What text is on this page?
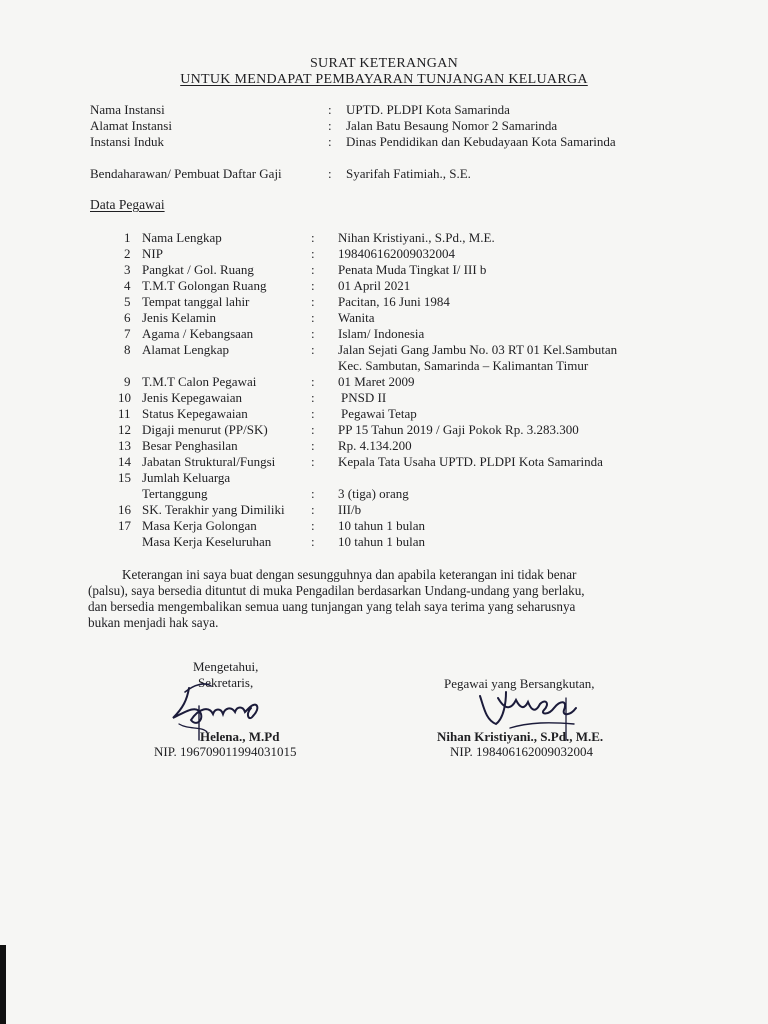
SURAT KETERANGAN
UNTUK MENDAPAT PEMBAYARAN TUNJANGAN KELUARGA
Nama Instansi	: UPTD. PLDPI Kota Samarinda
Alamat Instansi	: Jalan Batu Besaung Nomor 2 Samarinda
Instansi Induk	: Dinas Pendidikan dan Kebudayaan Kota Samarinda
Bendaharawan/ Pembuat Daftar Gaji	: Syarifah Fatimiah., S.E.
Data Pegawai
1 Nama Lengkap	: Nihan Kristiyani., S.Pd., M.E.
2 NIP	: 198406162009032004
3 Pangkat / Gol. Ruang	: Penata Muda Tingkat I/ III b
4 T.M.T Golongan Ruang	: 01 April 2021
5 Tempat tanggal lahir	: Pacitan, 16 Juni 1984
6 Jenis Kelamin	: Wanita
7 Agama / Kebangsaan	: Islam/ Indonesia
8 Alamat Lengkap	: Jalan Sejati Gang Jambu No. 03 RT 01 Kel.Sambutan
Kec. Sambutan, Samarinda – Kalimantan Timur
9 T.M.T Calon Pegawai	: 01 Maret 2009
10 Jenis Kepegawaian	: PNSD II
11 Status Kepegawaian	: Pegawai Tetap
12 Digaji menurut (PP/SK)	: PP 15 Tahun 2019 / Gaji Pokok Rp. 3.283.300
13 Besar Penghasilan	: Rp. 4.134.200
14 Jabatan Struktural/Fungsi	: Kepala Tata Usaha UPTD. PLDPI Kota Samarinda
15 Jumlah Keluarga
Tertanggung	: 3 (tiga) orang
16 SK. Terakhir yang Dimiliki : III/b
17 Masa Kerja Golongan	: 10 tahun 1 bulan
Masa Kerja Keseluruhan	: 10 tahun 1 bulan
Keterangan ini saya buat dengan sesungguhnya dan apabila keterangan ini tidak benar
(palsu), saya bersedia dituntut di muka Pengadilan berdasarkan Undang-undang yang berlaku,
dan bersedia mengembalikan semua uang tunjangan yang telah saya terima yang seharusnya
bukan menjadi hak saya.
Mengetahui,
Sekretaris,
Helena., M.Pd
NIP. 196709011994031015
Pegawai yang Bersangkutan,
Nihan Kristiyani., S.Pd., M.E.
NIP. 198406162009032004
